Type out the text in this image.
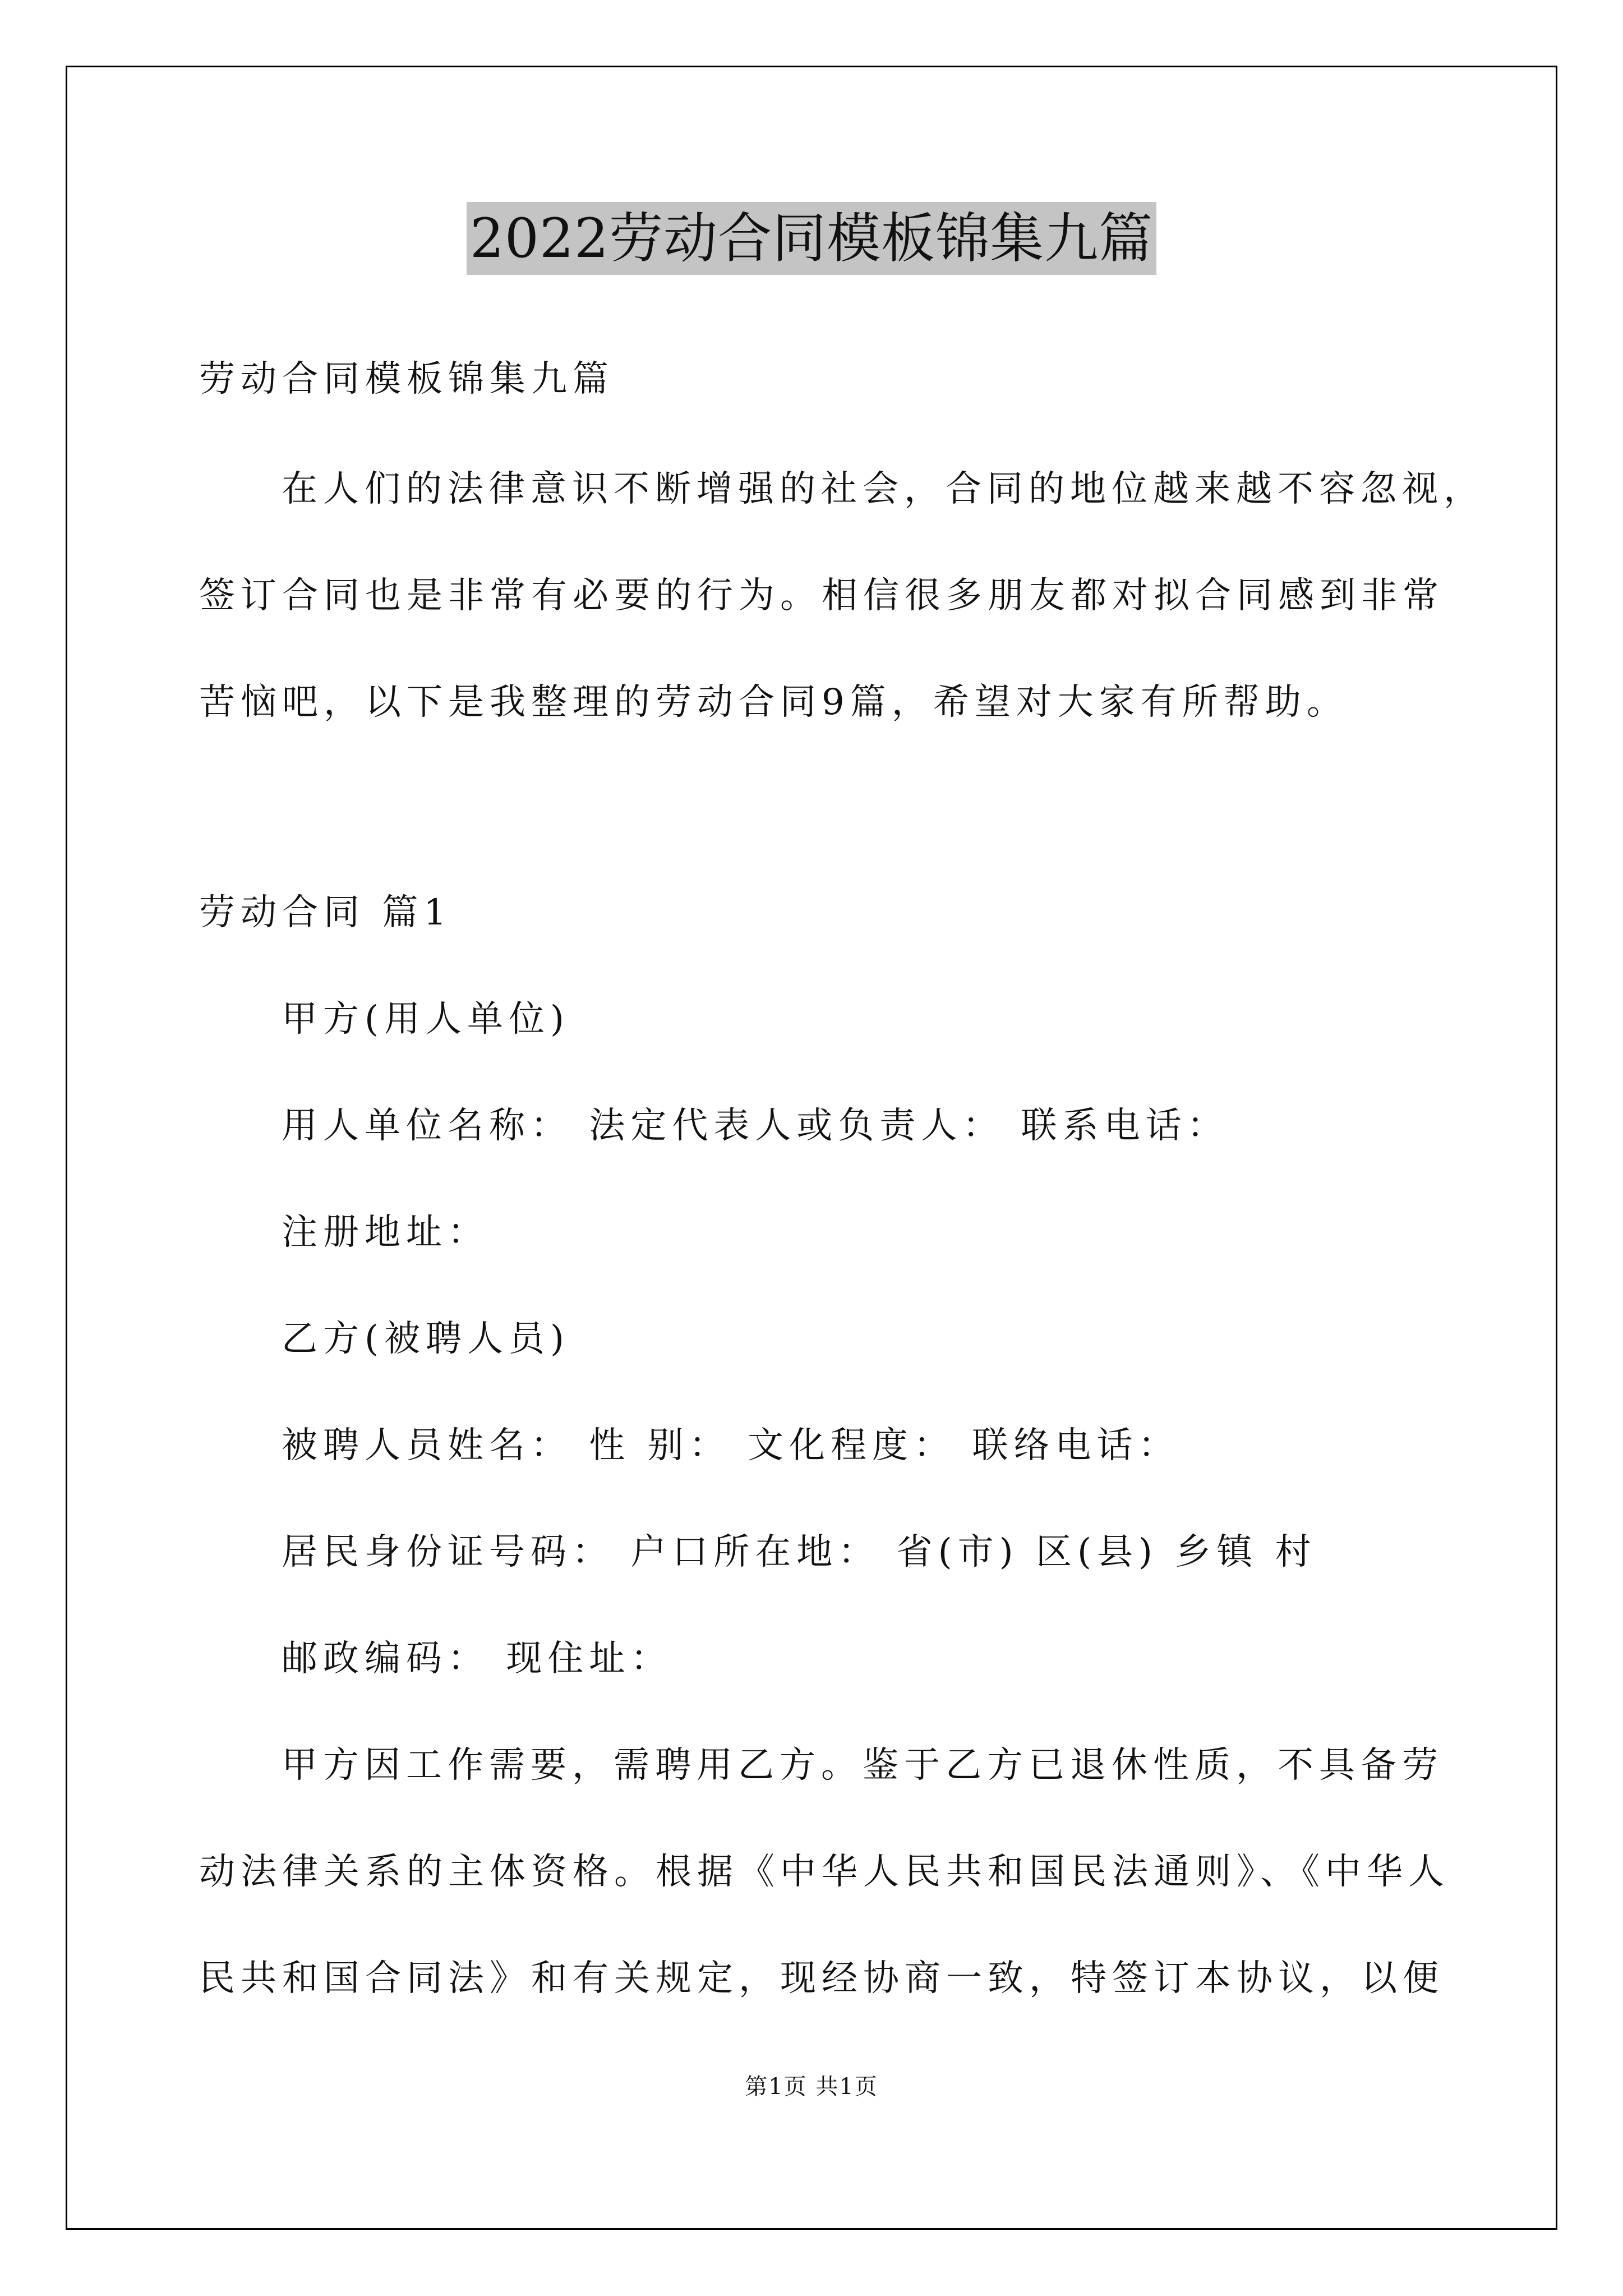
2022劳动合同模板锦集九篇
劳动合同模板锦集九篇
在人们的法律意识不断增强的社会，合同的地位越来越不容忽视，
签订合同也是非常有必要的行为。相信很多朋友都对拟合同感到非常
苦恼吧，以下是我整理的劳动合同9篇，希望对大家有所帮助。
劳动合同 篇1
甲方(用人单位)
用人单位名称： 法定代表人或负责人： 联系电话：
注册地址：
乙方(被聘人员)
被聘人员姓名： 性 别： 文化程度： 联络电话：
居民身份证号码： 户口所在地： 省(市) 区(县) 乡镇 村
邮政编码： 现住址：
甲方因工作需要，需聘用乙方。鉴于乙方已退休性质，不具备劳
动法律关系的主体资格。根据《中华人民共和国民法通则》、《中华人
民共和国合同法》和有关规定，现经协商一致，特签订本协议，以便
第1页 共1页
